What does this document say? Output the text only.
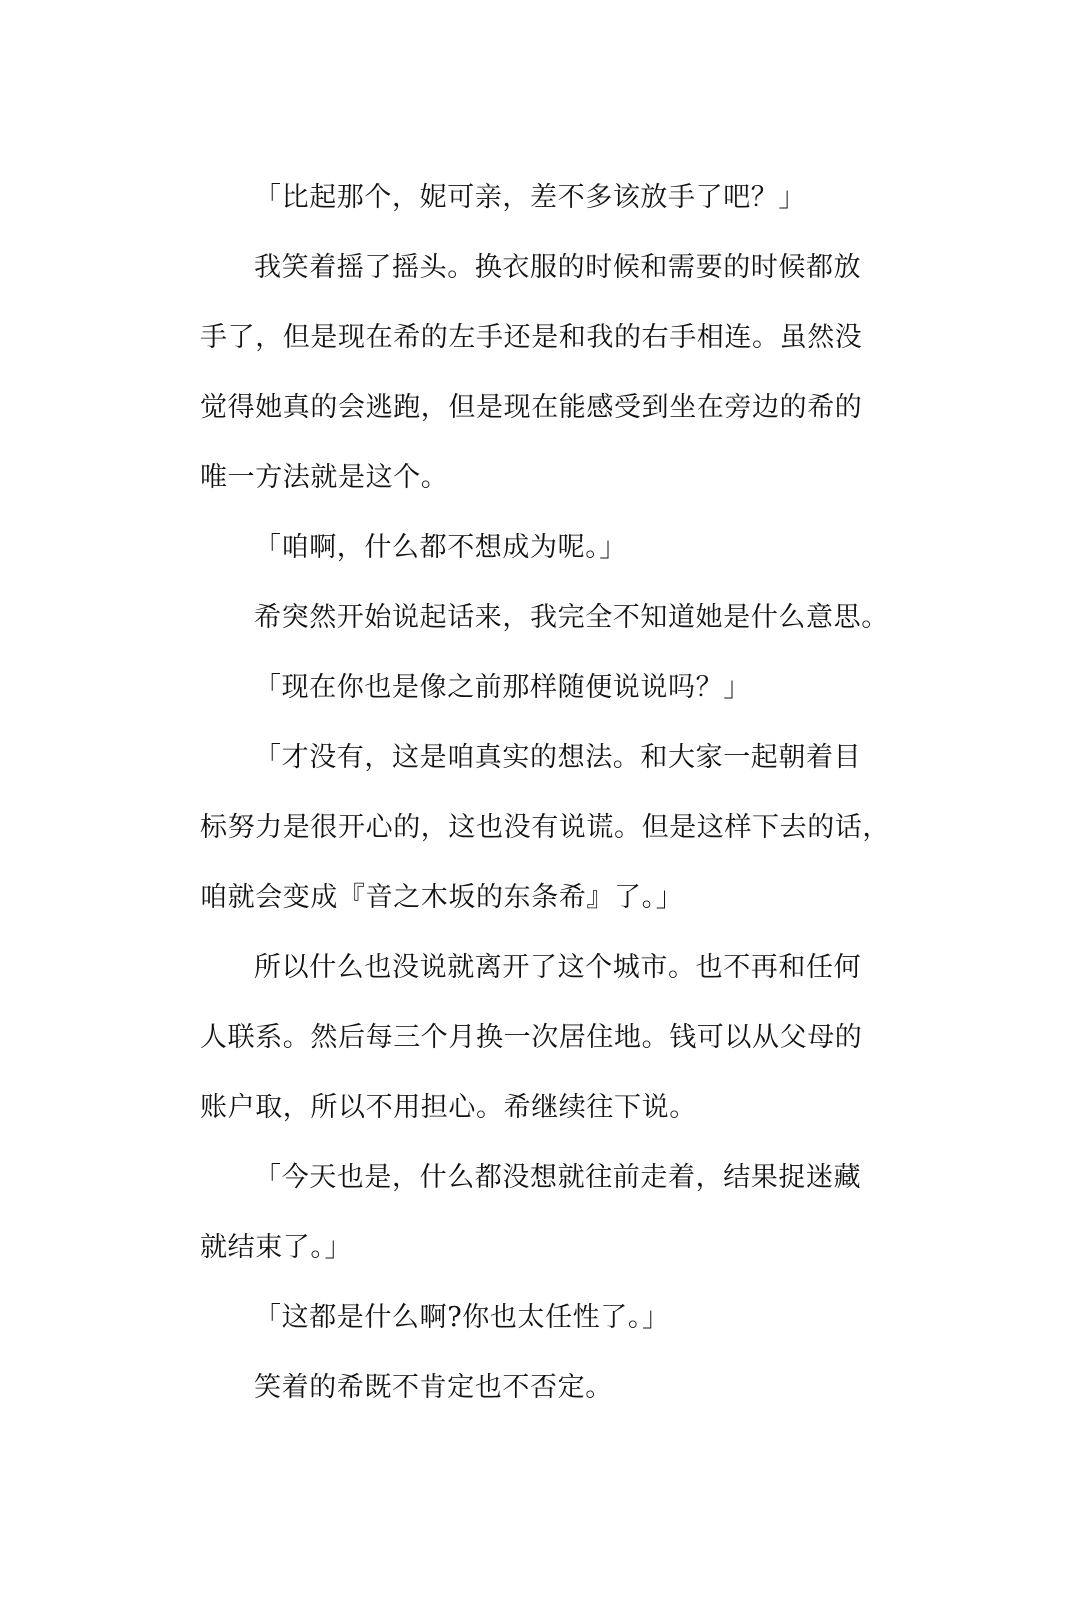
「比起那个，妮可亲，差不多该放手了吧？」
我笑着摇了摇头。换衣服的时候和需要的时候都放
手了，但是现在希的左手还是和我的右手相连。虽然没
觉得她真的会逃跑，但是现在能感受到坐在旁边的希的
唯一方法就是这个。
「咱啊，什么都不想成为呢。」
希突然开始说起话来，我完全不知道她是什么意思。
「现在你也是像之前那样随便说说吗？」
「才没有，这是咱真实的想法。和大家一起朝着目
标努力是很开心的，这也没有说谎。但是这样下去的话，
咱就会变成『音之木坂的东条希』了。」
所以什么也没说就离开了这个城市。也不再和任何
人联系。然后每三个月换一次居住地。钱可以从父母的
账户取，所以不用担心。希继续往下说。
「今天也是，什么都没想就往前走着，结果捉迷藏
就结束了。」
「这都是什么啊?你也太任性了。」
笑着的希既不肯定也不否定。
